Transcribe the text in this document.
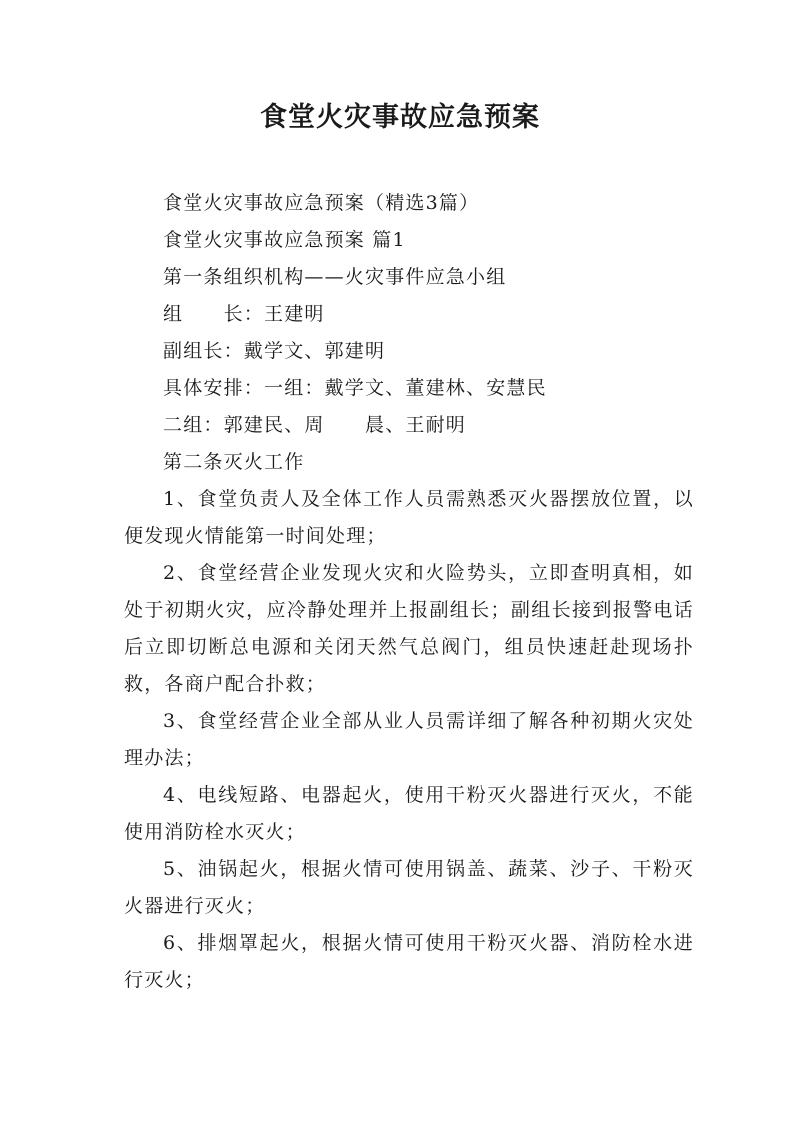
食堂火灾事故应急预案

食堂火灾事故应急预案（精选3篇）

食堂火灾事故应急预案 篇1

第一条组织机构——火灾事件应急小组

组　　长：王建明

副组长：戴学文、郭建明

具体安排：一组：戴学文、董建林、安慧民

二组：郭建民、周　　晨、王耐明

第二条灭火工作

1、食堂负责人及全体工作人员需熟悉灭火器摆放位置，以便发现火情能第一时间处理；

2、食堂经营企业发现火灾和火险势头，立即查明真相，如处于初期火灾，应冷静处理并上报副组长；副组长接到报警电话后立即切断总电源和关闭天然气总阀门，组员快速赶赴现场扑救，各商户配合扑救；

3、食堂经营企业全部从业人员需详细了解各种初期火灾处理办法；

4、电线短路、电器起火，使用干粉灭火器进行灭火，不能使用消防栓水灭火；

5、油锅起火，根据火情可使用锅盖、蔬菜、沙子、干粉灭火器进行灭火；

6、排烟罩起火，根据火情可使用干粉灭火器、消防栓水进行灭火；
